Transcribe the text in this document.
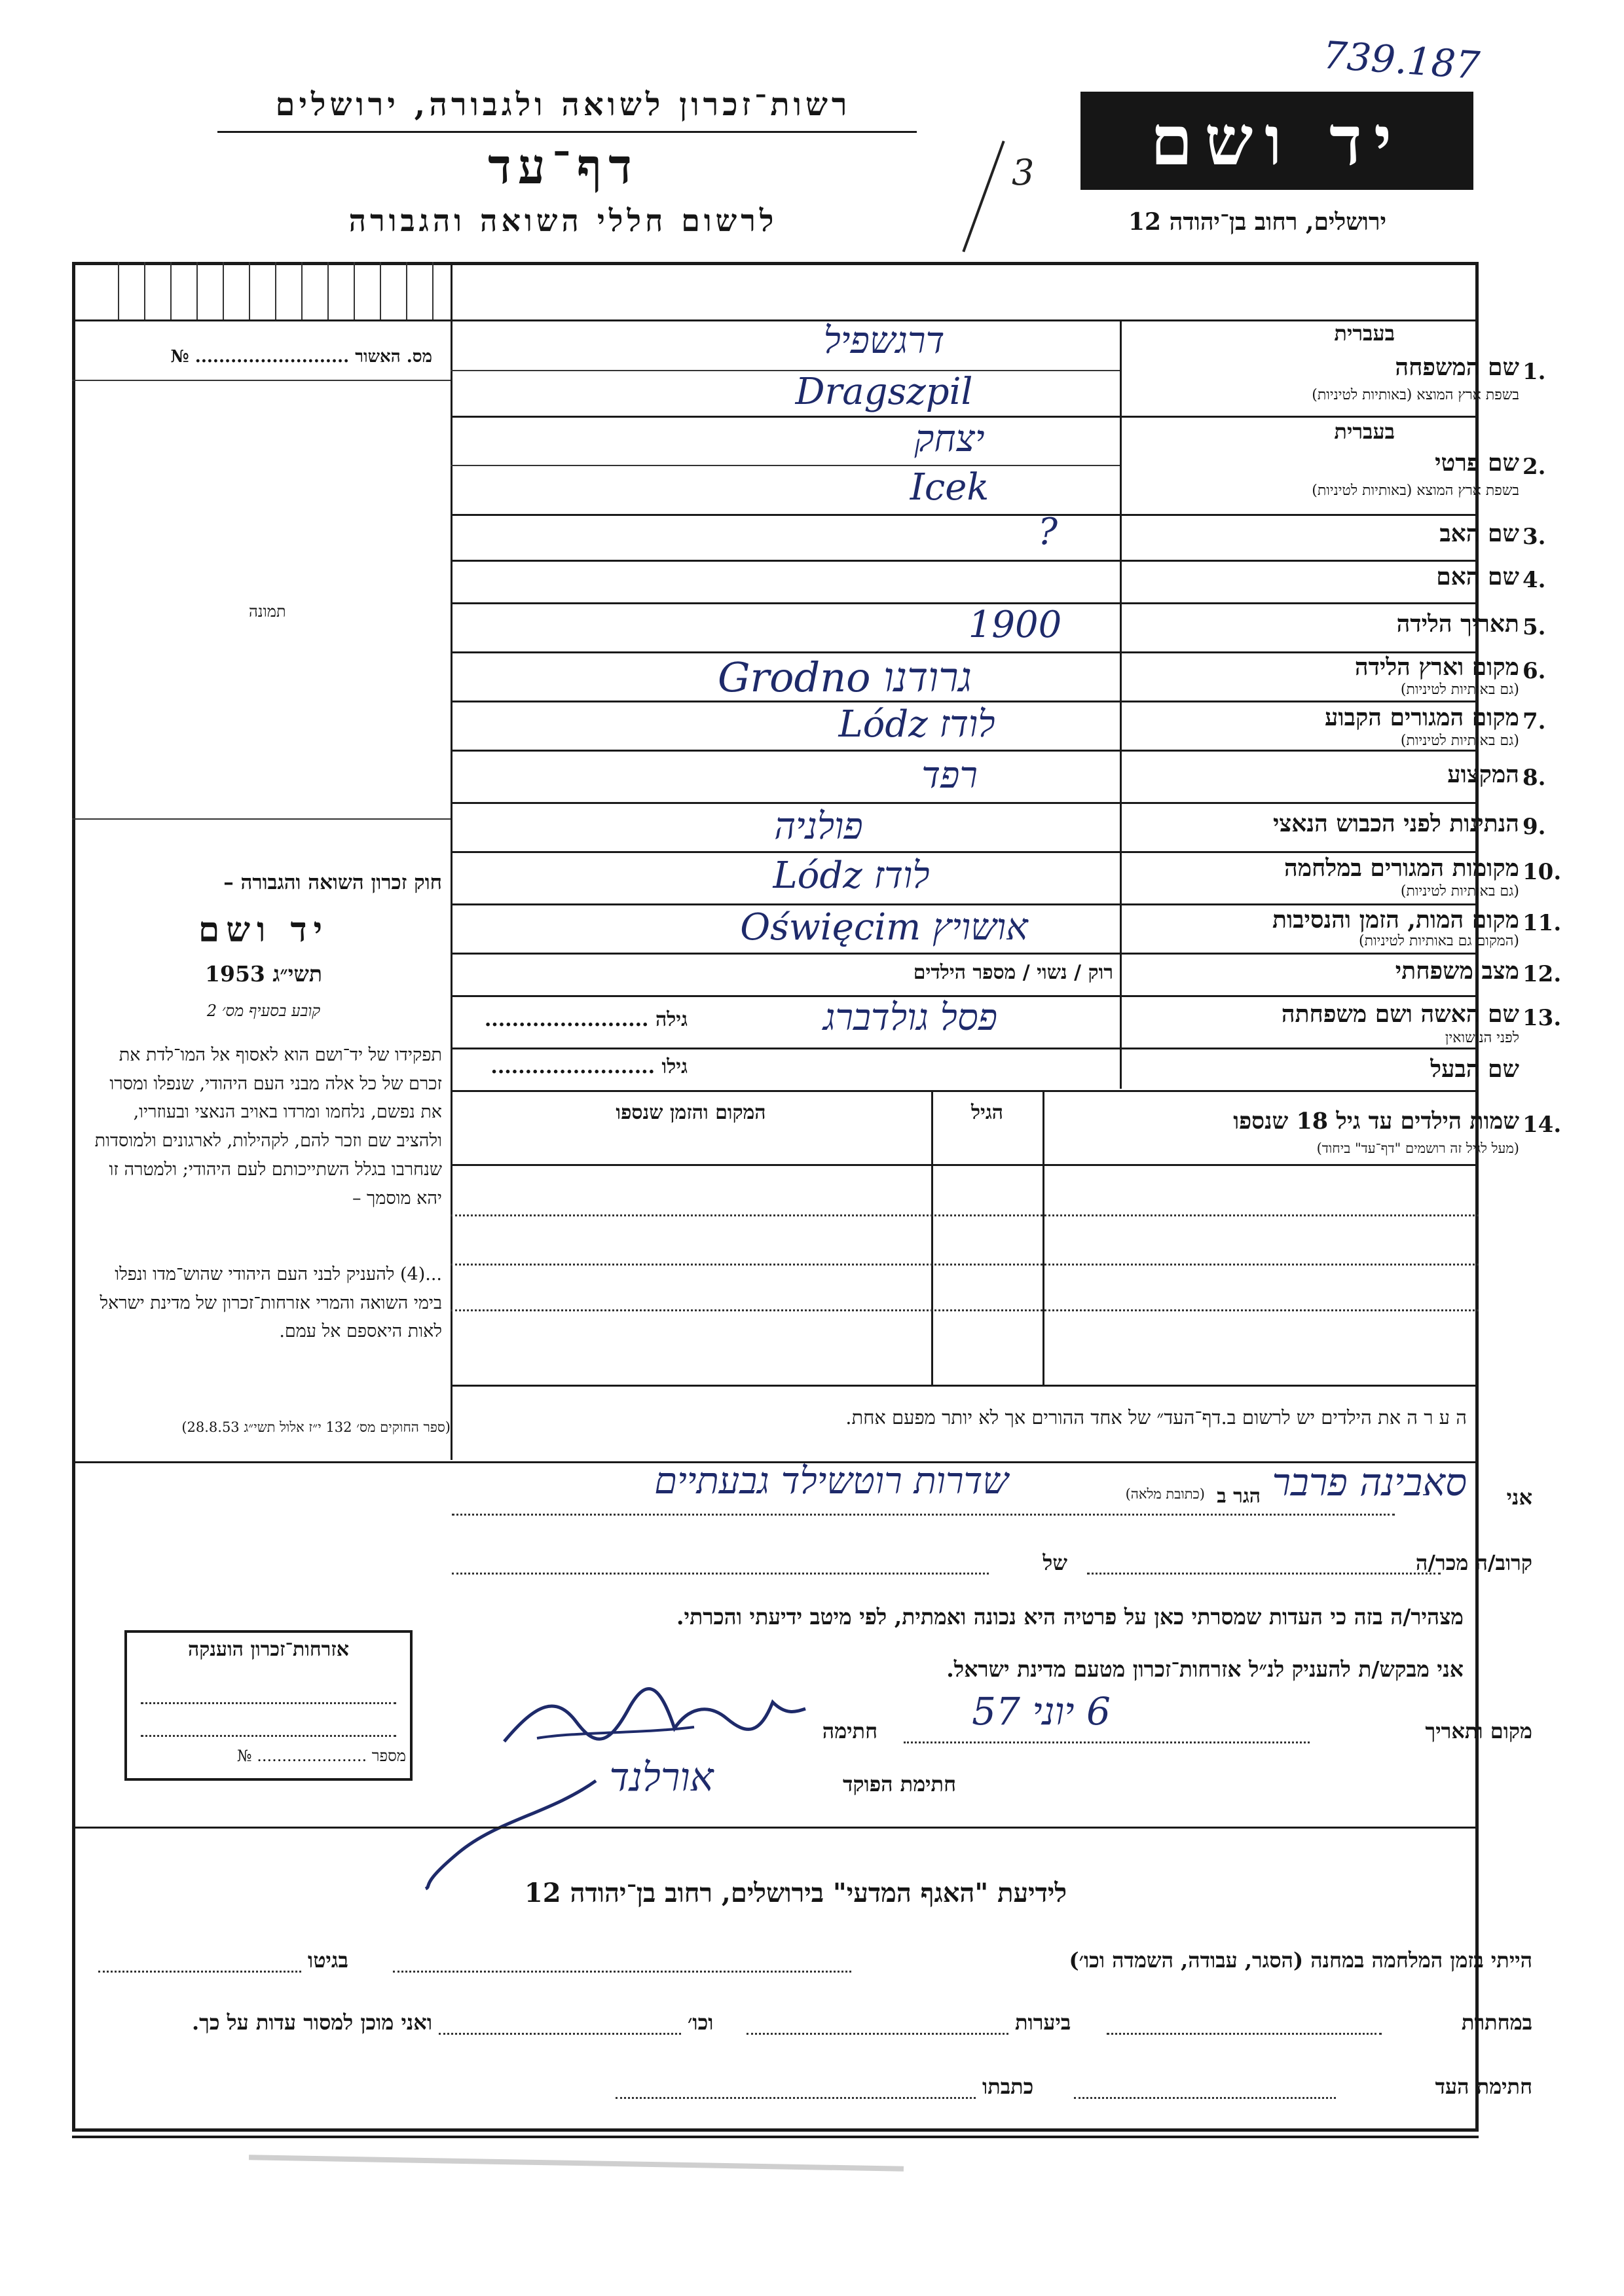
739.187
רשות־זכרון לשואה ולגבורה, ירושלים
דף־עד
לרשום חללי השואה והגבורה
3	יד ושם
ירושלים, רחוב בן־יהודה 12
מס. האשור .......................... №
תמונה
חוק זכרון השואה והגבורה –
יד ושם
תשי״ג 1953
קובע בסעיף מס׳ 2
תפקידו של יד־ושם הוא לאסוף אל המו־לדת את זכרם של כל אלה מבני העם היהודי, שנפלו ומסרו את נפשם, נלחמו ומרדו באויב הנאצי ובעוזריו, ולהציב שם וזכר להם, לקהילות, לארגונים ולמוסדות שנחרבו בגלל השתייכותם לעם היהודי; ולמטרה זו יהא מוסמך –
...(4) להעניק לבני העם היהודי שהוש־מדו ונפלו בימי השואה והמרי אזרחות־זכרון של מדינת ישראל לאות היאספם אל עמם.
(ספר החוקים מס׳ 132 י״ז אלול תשי״ג 28.8.53)
בעברית
1.
שם המשפחה
בשפת ארץ המוצא (באותיות לטיניות)
דרגשפיל
Dragszpil
בעברית
2.
שם פרטי
בשפת ארץ המוצא (באותיות לטיניות)
יצחק
Icek
3.
שם האב
?
4.
שם האם
5.
תאריך הלידה
1900
6.
מקום וארץ הלידה
(גם באותיות לטיניות)
גרודנו Grodno
7.
מקום המגורים הקבוע
(גם באותיות לטיניות)
לודז Lódz
8.
המקצוע
רפד
9.
הנתינות לפני הכבוש הנאצי
פולניה
10.
מקומות המגורים במלחמה
(גם באותיות לטיניות)
לודז Lódz
11.
מקום המות, הזמן והנסיבות
(המקום גם באותיות לטיניות)
אושויץ Oświęcim
12.
מצב משפחתי
רוק / נשוי / מספר הילדים
13.
שם האשה ושם משפחתה
לפני הנישואין
פסל גולדברג
גילה ........................
שם הבעל
גילו ........................
14.
שמות הילדים עד גיל 18 שנספו
(מעל לגיל זה רושמים "דף־עד" ביחוד)
הגיל
המקום והזמן שנספו
ה ע ר ה את הילדים יש לרשום ב.דף־העד״ של אחד ההורים אך לא יותר מפעם אחת.
אני
סאבינה פרבר
הגר ב
(כתובת מלאה)
שדרות רוטשילד גבעתיים
קרוב/ה מכר/ה
של
מצהיר/ה בזה כי העדות שמסרתי כאן על פרטיה היא נכונה ואמתית, לפי מיטב ידיעתי והכרתי.
אני מבקש/ת להעניק לנ״ל אזרחות־זכרון מטעם מדינת ישראל.
מקום ותאריך
6 יוני 57
חתימה
חתימת הפוקד
אורלנד
אזרחות־זכרון הוענקה
מספר ...................... №
לידיעת "האגף המדעי" בירושלים, רחוב בן־יהודה 12
הייתי בזמן המלחמה במחנה (הסגר, עבודה, השמדה וכו׳)
בגיטו
במחתרת
ביערות
וכו׳
ואני מוכן למסור עדות על כך.
חתימת העד
כתבתו
